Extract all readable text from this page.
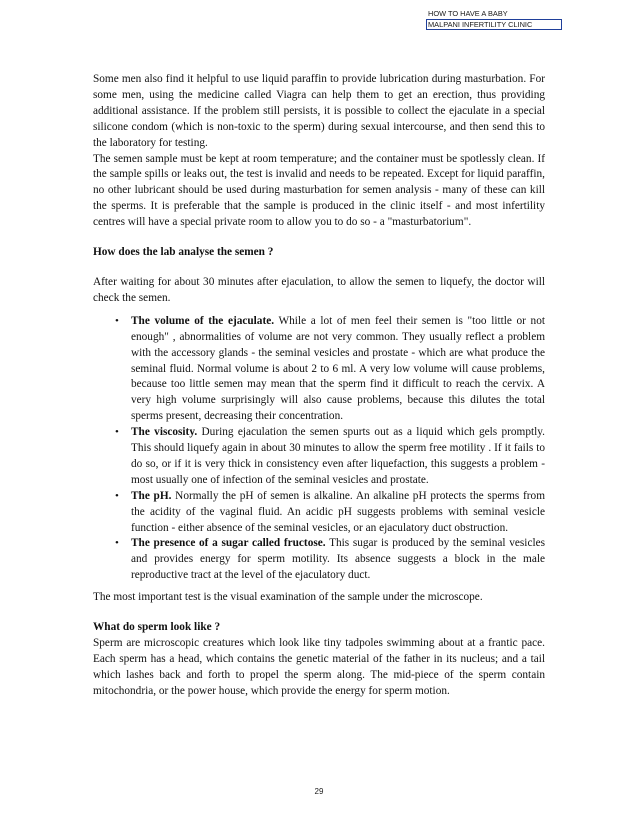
HOW TO HAVE A BABY
MALPANI INFERTILITY CLINIC

Some men also find it helpful to use liquid paraffin to provide lubrication during masturbation. For some men, using the medicine called Viagra can help them to get an erection, thus providing additional assistance. If the problem still persists, it is possible to collect the ejaculate in a special silicone condom (which is non-toxic to the sperm) during sexual intercourse, and then send this to the laboratory for testing.

The semen sample must be kept at room temperature; and the container must be spotlessly clean. If the sample spills or leaks out, the test is invalid and needs to be repeated. Except for liquid paraffin, no other lubricant should be used during masturbation for semen analysis - many of these can kill the sperms. It is preferable that the sample is produced in the clinic itself - and most infertility centres will have a special private room to allow you to do so - a "masturbatorium".

How does the lab analyse the semen ?

After waiting for about 30 minutes after ejaculation, to allow the semen to liquefy, the doctor will check the semen.

• The volume of the ejaculate. While a lot of men feel their semen is "too little or not enough" , abnormalities of volume are not very common. They usually reflect a problem with the accessory glands - the seminal vesicles and prostate - which are what produce the seminal fluid. Normal volume is about 2 to 6 ml. A very low volume will cause problems, because too little semen may mean that the sperm find it difficult to reach the cervix. A very high volume surprisingly will also cause problems, because this dilutes the total sperms present, decreasing their concentration.
• The viscosity. During ejaculation the semen spurts out as a liquid which gels promptly. This should liquefy again in about 30 minutes to allow the sperm free motility . If it fails to do so, or if it is very thick in consistency even after liquefaction, this suggests a problem - most usually one of infection of the seminal vesicles and prostate.
• The pH. Normally the pH of semen is alkaline. An alkaline pH protects the sperms from the acidity of the vaginal fluid. An acidic pH suggests problems with seminal vesicle function - either absence of the seminal vesicles, or an ejaculatory duct obstruction.
• The presence of a sugar called fructose. This sugar is produced by the seminal vesicles and provides energy for sperm motility. Its absence suggests a block in the male reproductive tract at the level of the ejaculatory duct.

The most important test is the visual examination of the sample under the microscope.

What do sperm look like ?

Sperm are microscopic creatures which look like tiny tadpoles swimming about at a frantic pace. Each sperm has a head, which contains the genetic material of the father in its nucleus; and a tail which lashes back and forth to propel the sperm along. The mid-piece of the sperm contain mitochondria, or the power house, which provide the energy for sperm motion.

29
